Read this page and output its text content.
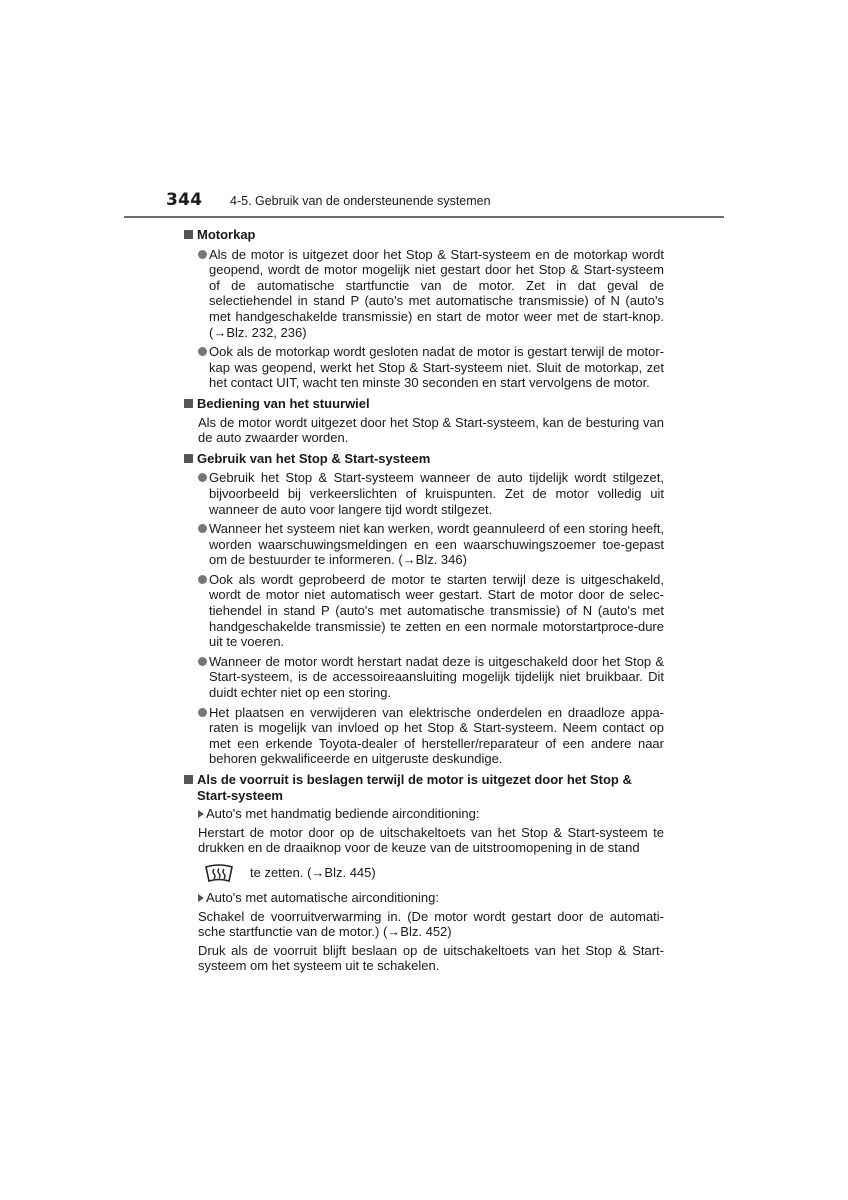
344 4-5. Gebruik van de ondersteunende systemen
Motorkap
Als de motor is uitgezet door het Stop & Start-systeem en de motorkap wordt geopend, wordt de motor mogelijk niet gestart door het Stop & Start-systeem of de automatische startfunctie van de motor. Zet in dat geval de selectiehendel in stand P (auto's met automatische transmissie) of N (auto's met handgeschakelde transmissie) en start de motor weer met de start-knop. (→Blz. 232, 236)
Ook als de motorkap wordt gesloten nadat de motor is gestart terwijl de motor-kap was geopend, werkt het Stop & Start-systeem niet. Sluit de motorkap, zet het contact UIT, wacht ten minste 30 seconden en start vervolgens de motor.
Bediening van het stuurwiel
Als de motor wordt uitgezet door het Stop & Start-systeem, kan de besturing van de auto zwaarder worden.
Gebruik van het Stop & Start-systeem
Gebruik het Stop & Start-systeem wanneer de auto tijdelijk wordt stilgezet, bijvoorbeeld bij verkeerslichten of kruispunten. Zet de motor volledig uit wanneer de auto voor langere tijd wordt stilgezet.
Wanneer het systeem niet kan werken, wordt geannuleerd of een storing heeft, worden waarschuwingsmeldingen en een waarschuwingszoemer toe-gepast om de bestuurder te informeren. (→Blz. 346)
Ook als wordt geprobeerd de motor te starten terwijl deze is uitgeschakeld, wordt de motor niet automatisch weer gestart. Start de motor door de selec-tiehendel in stand P (auto's met automatische transmissie) of N (auto's met handgeschakelde transmissie) te zetten en een normale motorstartproce-dure uit te voeren.
Wanneer de motor wordt herstart nadat deze is uitgeschakeld door het Stop & Start-systeem, is de accessoireaansluiting mogelijk tijdelijk niet bruikbaar. Dit duidt echter niet op een storing.
Het plaatsen en verwijderen van elektrische onderdelen en draadloze appa-raten is mogelijk van invloed op het Stop & Start-systeem. Neem contact op met een erkende Toyota-dealer of hersteller/reparateur of een andere naar behoren gekwalificeerde en uitgeruste deskundige.
Als de voorruit is beslagen terwijl de motor is uitgezet door het Stop & Start-systeem
Auto's met handmatig bediende airconditioning:
Herstart de motor door op de uitschakeltoets van het Stop & Start-systeem te drukken en de draaiknop voor de keuze van de uitstroomopening in de stand
te zetten. (→Blz. 445)
Auto's met automatische airconditioning:
Schakel de voorruitverwarming in. (De motor wordt gestart door de automati-sche startfunctie van de motor.) (→Blz. 452)
Druk als de voorruit blijft beslaan op de uitschakeltoets van het Stop & Start-systeem om het systeem uit te schakelen.
